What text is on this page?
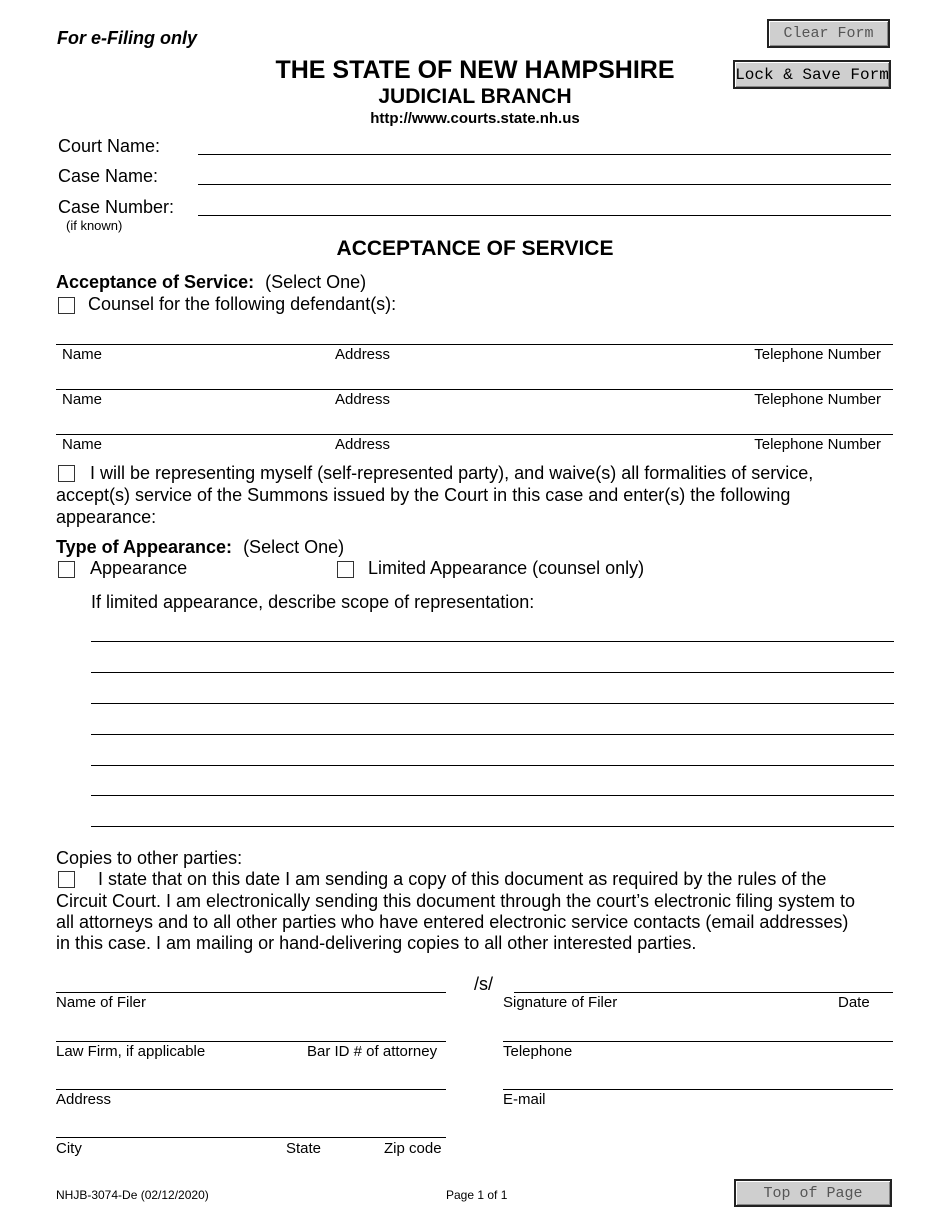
For e-Filing only	Clear Form
Lock & Save Form
THE STATE OF NEW HAMPSHIRE
JUDICIAL BRANCH
http://www.courts.state.nh.us
Court Name:
Case Name:
Case Number:
(if known)
ACCEPTANCE OF SERVICE
Acceptance of Service: (Select One)
Counsel for the following defendant(s):
Name	Address	Telephone Number
Name	Address	Telephone Number
Name	Address	Telephone Number
I will be representing myself (self-represented party), and waive(s) all formalities of service,
accept(s) service of the Summons issued by the Court in this case and enter(s) the following
appearance:
Type of Appearance: (Select One)
Appearance	Limited Appearance (counsel only)
If limited appearance, describe scope of representation:
Copies to other parties:
I state that on this date I am sending a copy of this document as required by the rules of the
Circuit Court. I am electronically sending this document through the court’s electronic filing system to
all attorneys and to all other parties who have entered electronic service contacts (email addresses)
in this case. I am mailing or hand-delivering copies to all other interested parties.
Name of Filer
Law Firm, if applicable	Bar ID # of attorney
Address
City	State	Zip code
/s/
Signature of Filer	Date
Telephone
E-mail
NHJB-3074-De (02/12/2020)	Page 1 of 1	Top of Page
